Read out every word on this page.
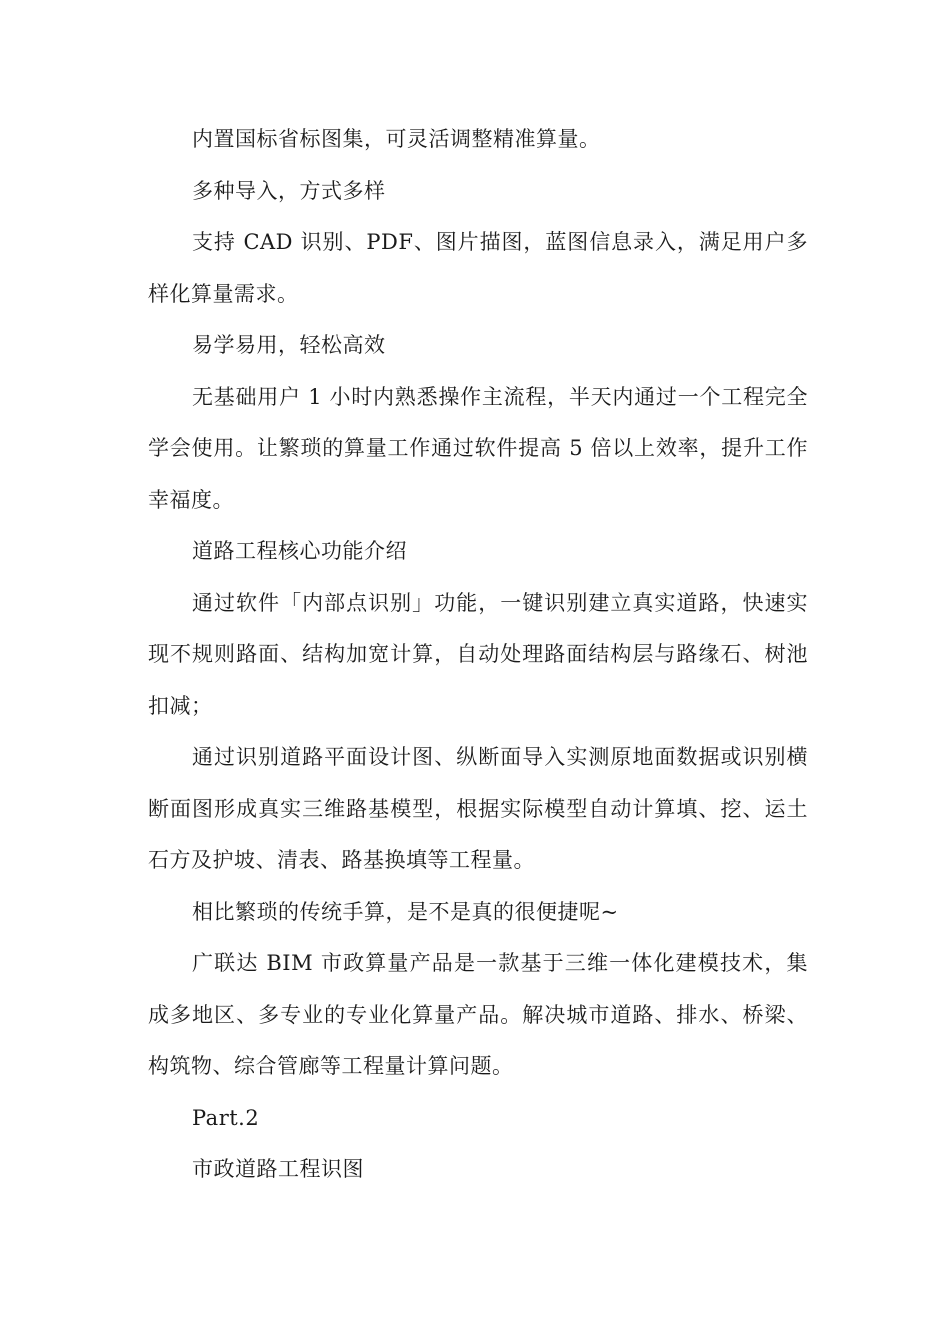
内置国标省标图集，可灵活调整精准算量。

多种导入，方式多样

支持 CAD 识别、PDF、图片描图，蓝图信息录入，满足用户多样化算量需求。

易学易用，轻松高效

无基础用户 1 小时内熟悉操作主流程，半天内通过一个工程完全学会使用。让繁琐的算量工作通过软件提高 5 倍以上效率，提升工作幸福度。

道路工程核心功能介绍

通过软件「内部点识别」功能，一键识别建立真实道路，快速实现不规则路面、结构加宽计算，自动处理路面结构层与路缘石、树池扣减；

通过识别道路平面设计图、纵断面导入实测原地面数据或识别横断面图形成真实三维路基模型，根据实际模型自动计算填、挖、运土石方及护坡、清表、路基换填等工程量。

相比繁琐的传统手算，是不是真的很便捷呢~

广联达 BIM 市政算量产品是一款基于三维一体化建模技术，集成多地区、多专业的专业化算量产品。解决城市道路、排水、桥梁、构筑物、综合管廊等工程量计算问题。

Part.2

市政道路工程识图
